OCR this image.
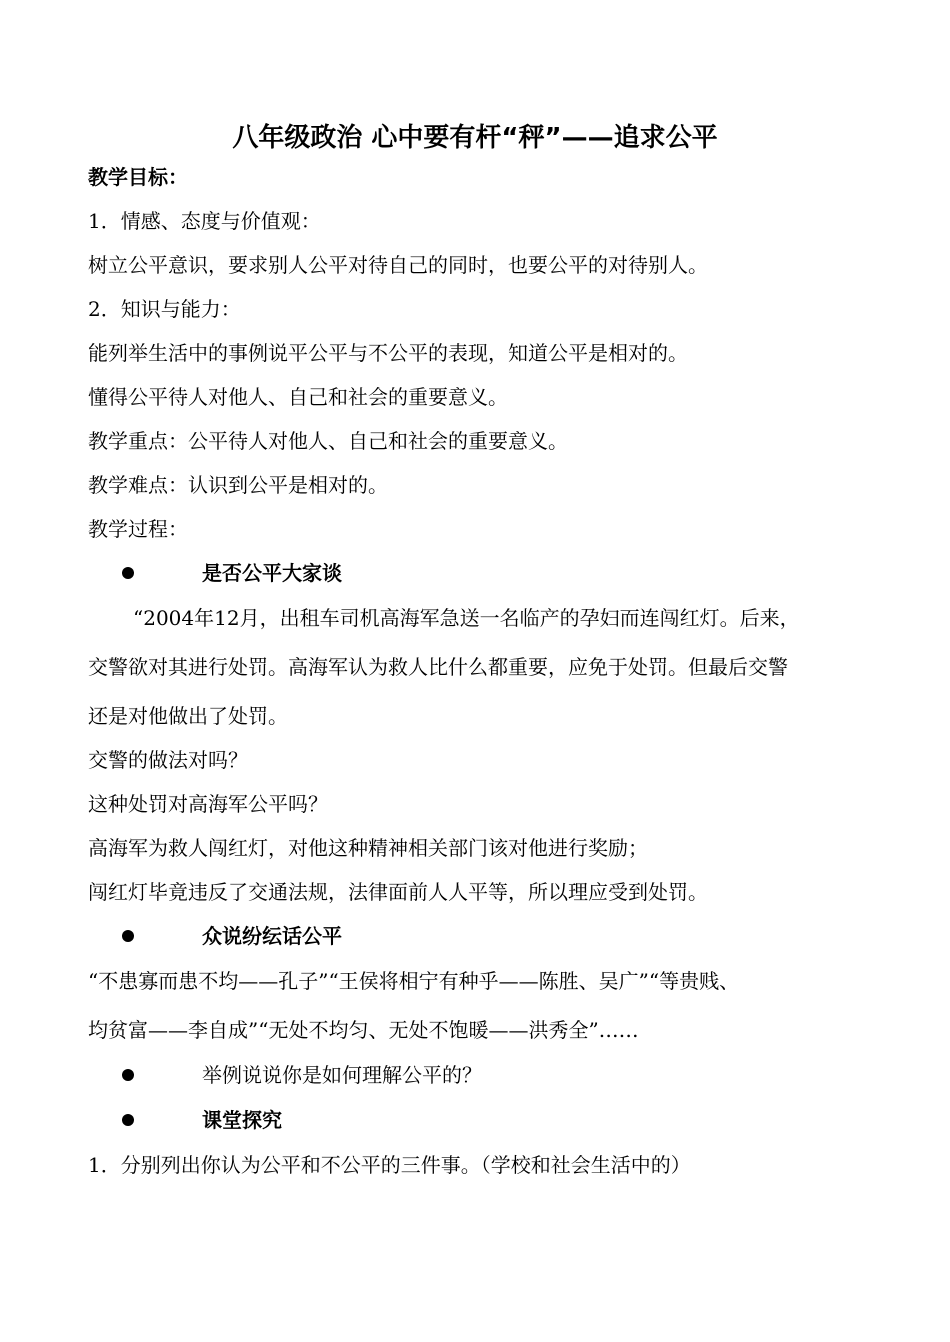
八年级政治 心中要有杆“秤”——追求公平
教学目标：
1．情感、态度与价值观：
树立公平意识，要求别人公平对待自己的同时，也要公平的对待别人。
2．知识与能力：
能列举生活中的事例说平公平与不公平的表现，知道公平是相对的。
懂得公平待人对他人、自己和社会的重要意义。
教学重点：公平待人对他人、自己和社会的重要意义。
教学难点：认识到公平是相对的。
教学过程：
是否公平大家谈
“2004年12月，出租车司机高海军急送一名临产的孕妇而连闯红灯。后来，
交警欲对其进行处罚。高海军认为救人比什么都重要，应免于处罚。但最后交警
还是对他做出了处罚。
交警的做法对吗？
这种处罚对高海军公平吗？
高海军为救人闯红灯，对他这种精神相关部门该对他进行奖励；
闯红灯毕竟违反了交通法规，法律面前人人平等，所以理应受到处罚。
众说纷纭话公平
“不患寡而患不均——孔子”“王侯将相宁有种乎——陈胜、吴广”“等贵贱、
均贫富——李自成”“无处不均匀、无处不饱暖——洪秀全”……
举例说说你是如何理解公平的？
课堂探究
1．分别列出你认为公平和不公平的三件事。（学校和社会生活中的）
